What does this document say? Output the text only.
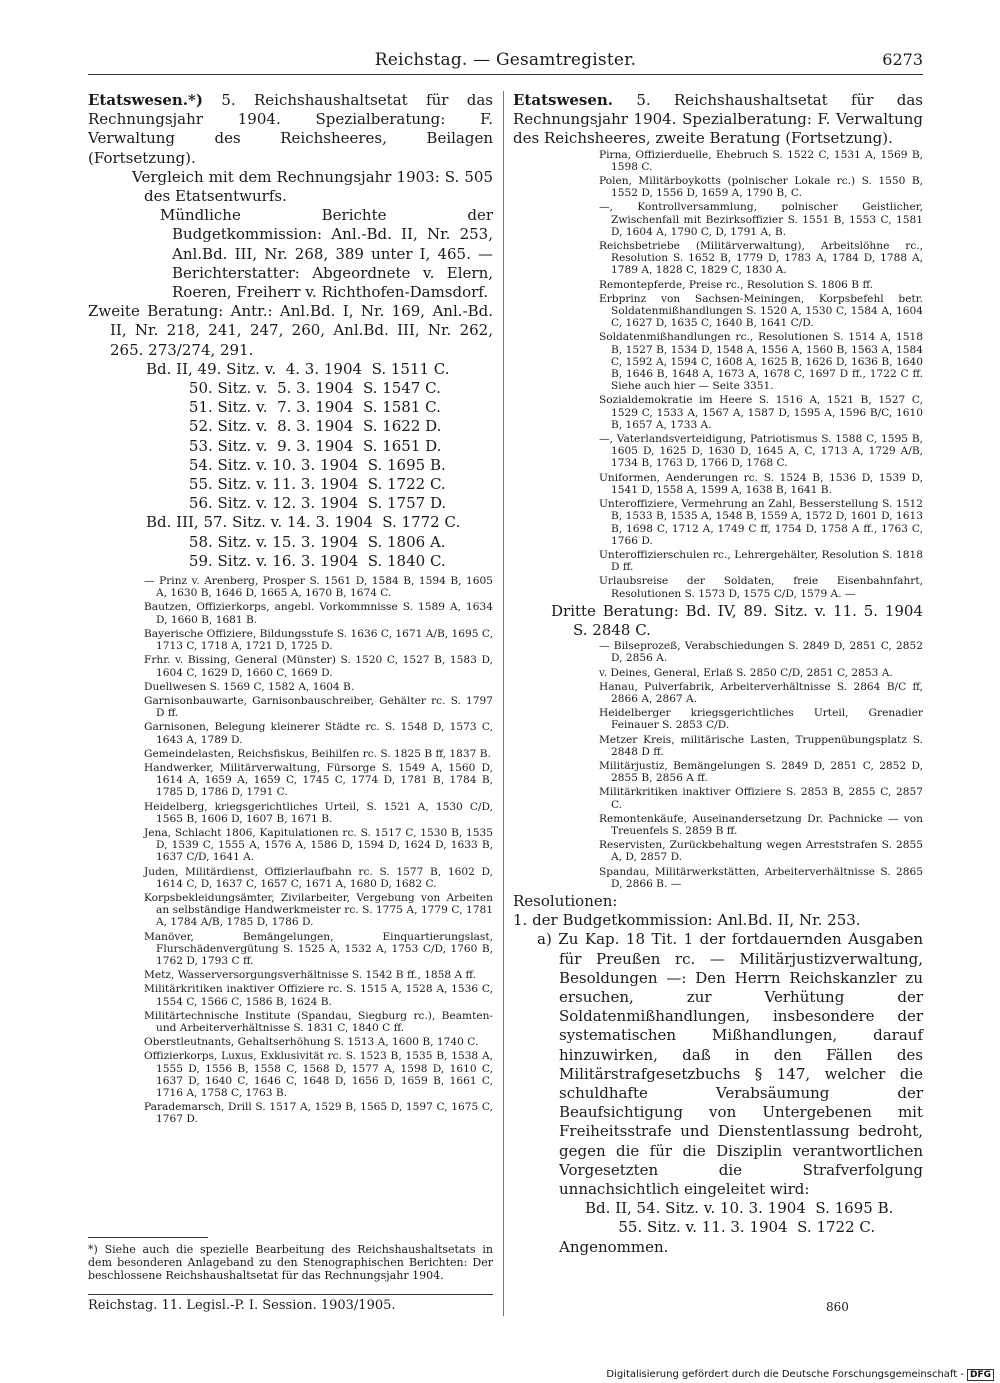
Reichstag. — Gesamtregister.	6273
Etatswesen.*) 5. Reichshaushaltsetat für das Rechnungsjahr 1904. Spezialberatung: F. Verwaltung des Reichsheeres, Beilagen (Fortsetzung).
Vergleich mit dem Rechnungsjahr 1903: S. 505 des Etatsentwurfs.
Mündliche Berichte der Budgetkommission: Anl.-Bd. II, Nr. 253, Anl.Bd. III, Nr. 268, 389 unter I, 465. — Berichterstatter: Abgeordnete v. Elern, Roeren, Freiherr v. Richthofen-Damsdorf.
Zweite Beratung: Antr.: Anl.Bd. I, Nr. 169, Anl.-Bd. II, Nr. 218, 241, 247, 260, Anl.Bd. III, Nr. 262, 265. 273/274, 291.
Bd. II, 49. Sitz. v.  4. 3. 1904  S. 1511 C.
50. Sitz. v.  5. 3. 1904  S. 1547 C.
51. Sitz. v.  7. 3. 1904  S. 1581 C.
52. Sitz. v.  8. 3. 1904  S. 1622 D.
53. Sitz. v.  9. 3. 1904  S. 1651 D.
54. Sitz. v. 10. 3. 1904  S. 1695 B.
55. Sitz. v. 11. 3. 1904  S. 1722 C.
56. Sitz. v. 12. 3. 1904  S. 1757 D.
Bd. III, 57. Sitz. v. 14. 3. 1904  S. 1772 C.
58. Sitz. v. 15. 3. 1904  S. 1806 A.
59. Sitz. v. 16. 3. 1904  S. 1840 C.
— Prinz v. Arenberg, Prosper S. 1561 D, 1584 B, 1594 B, 1605 A, 1630 B, 1646 D, 1665 A, 1670 B, 1674 C.
Bautzen, Offizierkorps, angebl. Vorkommnisse S. 1589 A, 1634 D, 1660 B, 1681 B.
Bayerische Offiziere, Bildungsstufe S. 1636 C, 1671 A/B, 1695 C, 1713 C, 1718 A, 1721 D, 1725 D.
Frhr. v. Bissing, General (Münster) S. 1520 C, 1527 B, 1583 D, 1604 C, 1629 D, 1660 C, 1669 D.
Duellwesen S. 1569 C, 1582 A, 1604 B.
Garnisonbauwarte, Garnisonbauschreiber, Gehälter rc. S. 1797 D ff.
Garnisonen, Belegung kleinerer Städte rc. S. 1548 D, 1573 C, 1643 A, 1789 D.
Gemeindelasten, Reichsfiskus, Beihilfen rc. S. 1825 B ff, 1837 B.
Handwerker, Militärverwaltung, Fürsorge S. 1549 A, 1560 D, 1614 A, 1659 A, 1659 C, 1745 C, 1774 D, 1781 B, 1784 B, 1785 D, 1786 D, 1791 C.
Heidelberg, kriegsgerichtliches Urteil, S. 1521 A, 1530 C/D, 1565 B, 1606 D, 1607 B, 1671 B.
Jena, Schlacht 1806, Kapitulationen rc. S. 1517 C, 1530 B, 1535 D, 1539 C, 1555 A, 1576 A, 1586 D, 1594 D, 1624 D, 1633 B, 1637 C/D, 1641 A.
Juden, Militärdienst, Offizierlaufbahn rc. S. 1577 B, 1602 D, 1614 C, D, 1637 C, 1657 C, 1671 A, 1680 D, 1682 C.
Korpsbekleidungsämter, Zivilarbeiter, Vergebung von Arbeiten an selbständige Handwerkmeister rc. S. 1775 A, 1779 C, 1781 A, 1784 A/B, 1785 D, 1786 D.
Manöver, Bemängelungen, Einquartierungslast, Flurschädenvergütung S. 1525 A, 1532 A, 1753 C/D, 1760 B, 1762 D, 1793 C ff.
Metz, Wasserversorgungsverhältnisse S. 1542 B ff., 1858 A ff.
Militärkritiken inaktiver Offiziere rc. S. 1515 A, 1528 A, 1536 C, 1554 C, 1566 C, 1586 B, 1624 B.
Militärtechnische Institute (Spandau, Siegburg rc.), Beamten- und Arbeiterverhältnisse S. 1831 C, 1840 C ff.
Oberstleutnants, Gehaltserhöhung S. 1513 A, 1600 B, 1740 C.
Offizierkorps, Luxus, Exklusivität rc. S. 1523 B, 1535 B, 1538 A, 1555 D, 1556 B, 1558 C, 1568 D, 1577 A, 1598 D, 1610 C, 1637 D, 1640 C, 1646 C, 1648 D, 1656 D, 1659 B, 1661 C, 1716 A, 1758 C, 1763 B.
Parademarsch, Drill S. 1517 A, 1529 B, 1565 D, 1597 C, 1675 C, 1767 D.
Etatswesen. 5. Reichshaushaltsetat für das Rechnungsjahr 1904. Spezialberatung: F. Verwaltung des Reichsheeres, zweite Beratung (Fortsetzung).
Pirna, Offizierduelle, Ehebruch S. 1522 C, 1531 A, 1569 B, 1598 C.
Polen, Militärboykotts (polnischer Lokale rc.) S. 1550 B, 1552 D, 1556 D, 1659 A, 1790 B, C.
—, Kontrollversammlung, polnischer Geistlicher, Zwischenfall mit Bezirksoffizier S. 1551 B, 1553 C, 1581 D, 1604 A, 1790 C, D, 1791 A, B.
Reichsbetriebe (Militärverwaltung), Arbeitslöhne rc., Resolution S. 1652 B, 1779 D, 1783 A, 1784 D, 1788 A, 1789 A, 1828 C, 1829 C, 1830 A.
Remontepferde, Preise rc., Resolution S. 1806 B ff.
Erbprinz von Sachsen-Meiningen, Korpsbefehl betr. Soldatenmißhandlungen S. 1520 A, 1530 C, 1584 A, 1604 C, 1627 D, 1635 C, 1640 B, 1641 C/D.
Soldatenmißhandlungen rc., Resolutionen S. 1514 A, 1518 B, 1527 B, 1534 D, 1548 A, 1556 A, 1560 B, 1563 A, 1584 C, 1592 A, 1594 C, 1608 A, 1625 B, 1626 D, 1636 B, 1640 B, 1646 B, 1648 A, 1673 A, 1678 C, 1697 D ff., 1722 C ff. Siehe auch hier — Seite 3351.
Sozialdemokratie im Heere S. 1516 A, 1521 B, 1527 C, 1529 C, 1533 A, 1567 A, 1587 D, 1595 A, 1596 B/C, 1610 B, 1657 A, 1733 A.
—, Vaterlandsverteidigung, Patriotismus S. 1588 C, 1595 B, 1605 D, 1625 D, 1630 D, 1645 A, C, 1713 A, 1729 A/B, 1734 B, 1763 D, 1766 D, 1768 C.
Uniformen, Aenderungen rc. S. 1524 B, 1536 D, 1539 D, 1541 D, 1558 A, 1599 A, 1638 B, 1641 B.
Unteroffiziere, Vermehrung an Zahl, Besserstellung S. 1512 B, 1533 B, 1535 A, 1548 B, 1559 A, 1572 D, 1601 D, 1613 B, 1698 C, 1712 A, 1749 C ff, 1754 D, 1758 A ff., 1763 C, 1766 D.
Unteroffizierschulen rc., Lehrergehälter, Resolution S. 1818 D ff.
Urlaubsreise der Soldaten, freie Eisenbahnfahrt, Resolutionen S. 1573 D, 1575 C/D, 1579 A. —
Dritte Beratung: Bd. IV, 89. Sitz. v. 11. 5. 1904 S. 2848 C.
— Bilseprozeß, Verabschiedungen S. 2849 D, 2851 C, 2852 D, 2856 A.
v. Deines, General, Erlaß S. 2850 C/D, 2851 C, 2853 A.
Hanau, Pulverfabrik, Arbeiterverhältnisse S. 2864 B/C ff, 2866 A, 2867 A.
Heidelberger kriegsgerichtliches Urteil, Grenadier Feinauer S. 2853 C/D.
Metzer Kreis, militärische Lasten, Truppenübungsplatz S. 2848 D ff.
Militärjustiz, Bemängelungen S. 2849 D, 2851 C, 2852 D, 2855 B, 2856 A ff.
Militärkritiken inaktiver Offiziere S. 2853 B, 2855 C, 2857 C.
Remontenkäufe, Auseinandersetzung Dr. Pachnicke — von Treuenfels S. 2859 B ff.
Reservisten, Zurückbehaltung wegen Arreststrafen S. 2855 A, D, 2857 D.
Spandau, Militärwerkstätten, Arbeiterverhältnisse S. 2865 D, 2866 B. —
Resolutionen:
1. der Budgetkommission: Anl.Bd. II, Nr. 253.
a) Zu Kap. 18 Tit. 1 der fortdauernden Ausgaben für Preußen rc. — Militärjustizverwaltung, Besoldungen —: Den Herrn Reichskanzler zu ersuchen, zur Verhütung der Soldatenmißhandlungen, insbesondere der systematischen Mißhandlungen, darauf hinzuwirken, daß in den Fällen des Militärstrafgesetzbuchs § 147, welcher die schuldhafte Verabsäumung der Beaufsichtigung von Untergebenen mit Freiheitsstrafe und Dienstentlassung bedroht, gegen die für die Disziplin verantwortlichen Vorgesetzten die Strafverfolgung unnachsichtlich eingeleitet wird:
Bd. II, 54. Sitz. v. 10. 3. 1904  S. 1695 B.
55. Sitz. v. 11. 3. 1904  S. 1722 C.
Angenommen.
*) Siehe auch die spezielle Bearbeitung des Reichshaushaltsetats in dem besonderen Anlageband zu den Stenographischen Berichten: Der beschlossene Reichshaushaltsetat für das Rechnungsjahr 1904.
Reichstag. 11. Legisl.-P. I. Session. 1903/1905.	860
Digitalisierung gefördert durch die Deutsche Forschungsgemeinschaft - DFG
